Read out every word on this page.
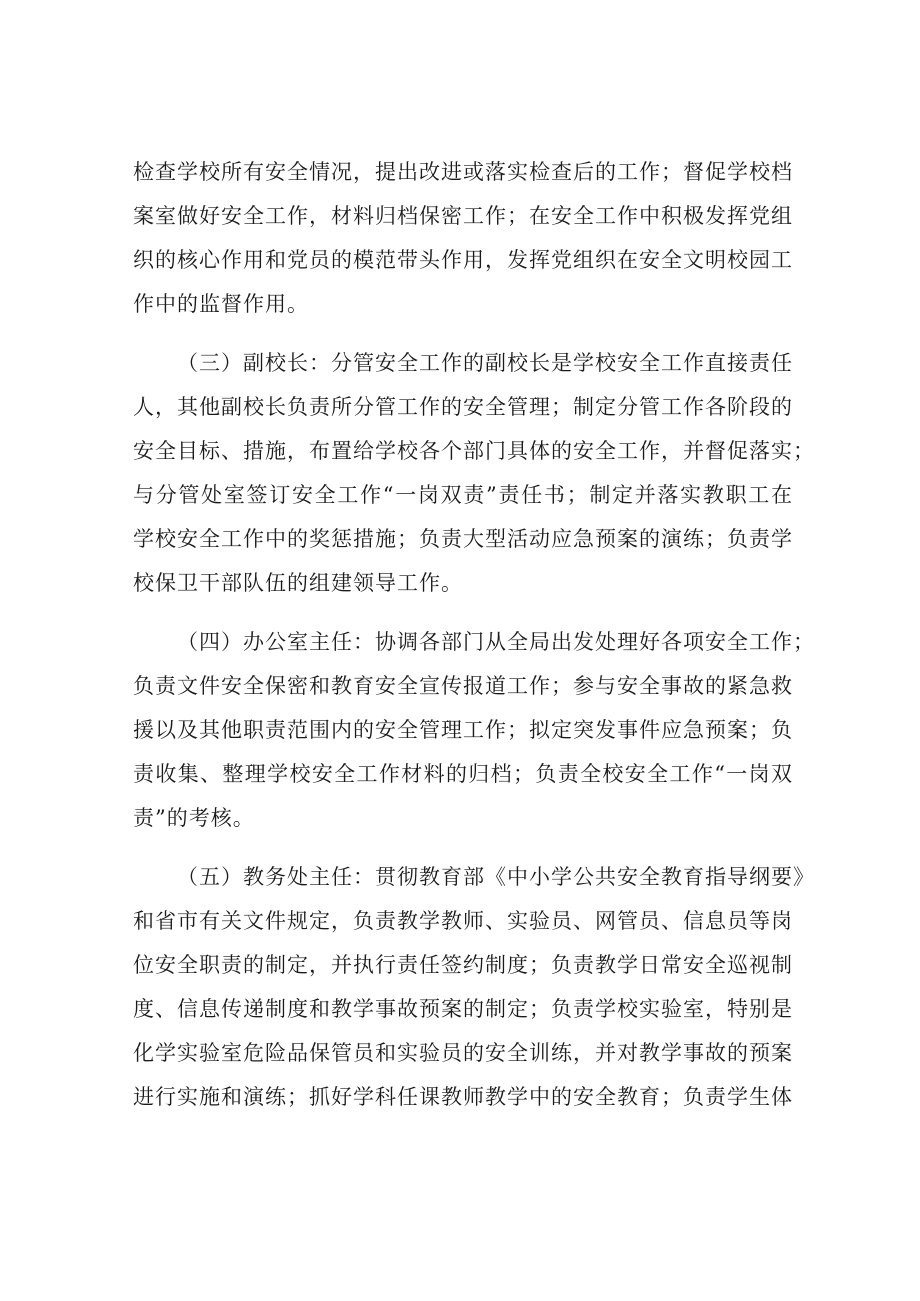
检查学校所有安全情况，提出改进或落实检查后的工作；督促学校档
案室做好安全工作，材料归档保密工作；在安全工作中积极发挥党组
织的核心作用和党员的模范带头作用，发挥党组织在安全文明校园工
作中的监督作用。
（三）副校长：分管安全工作的副校长是学校安全工作直接责任
人，其他副校长负责所分管工作的安全管理；制定分管工作各阶段的
安全目标、措施，布置给学校各个部门具体的安全工作，并督促落实；
与分管处室签订安全工作“一岗双责”责任书；制定并落实教职工在
学校安全工作中的奖惩措施；负责大型活动应急预案的演练；负责学
校保卫干部队伍的组建领导工作。
（四）办公室主任：协调各部门从全局出发处理好各项安全工作；
负责文件安全保密和教育安全宣传报道工作；参与安全事故的紧急救
援以及其他职责范围内的安全管理工作；拟定突发事件应急预案；负
责收集、整理学校安全工作材料的归档；负责全校安全工作“一岗双
责”的考核。
（五）教务处主任：贯彻教育部《中小学公共安全教育指导纲要》
和省市有关文件规定，负责教学教师、实验员、网管员、信息员等岗
位安全职责的制定，并执行责任签约制度；负责教学日常安全巡视制
度、信息传递制度和教学事故预案的制定；负责学校实验室，特别是
化学实验室危险品保管员和实验员的安全训练，并对教学事故的预案
进行实施和演练；抓好学科任课教师教学中的安全教育；负责学生体
